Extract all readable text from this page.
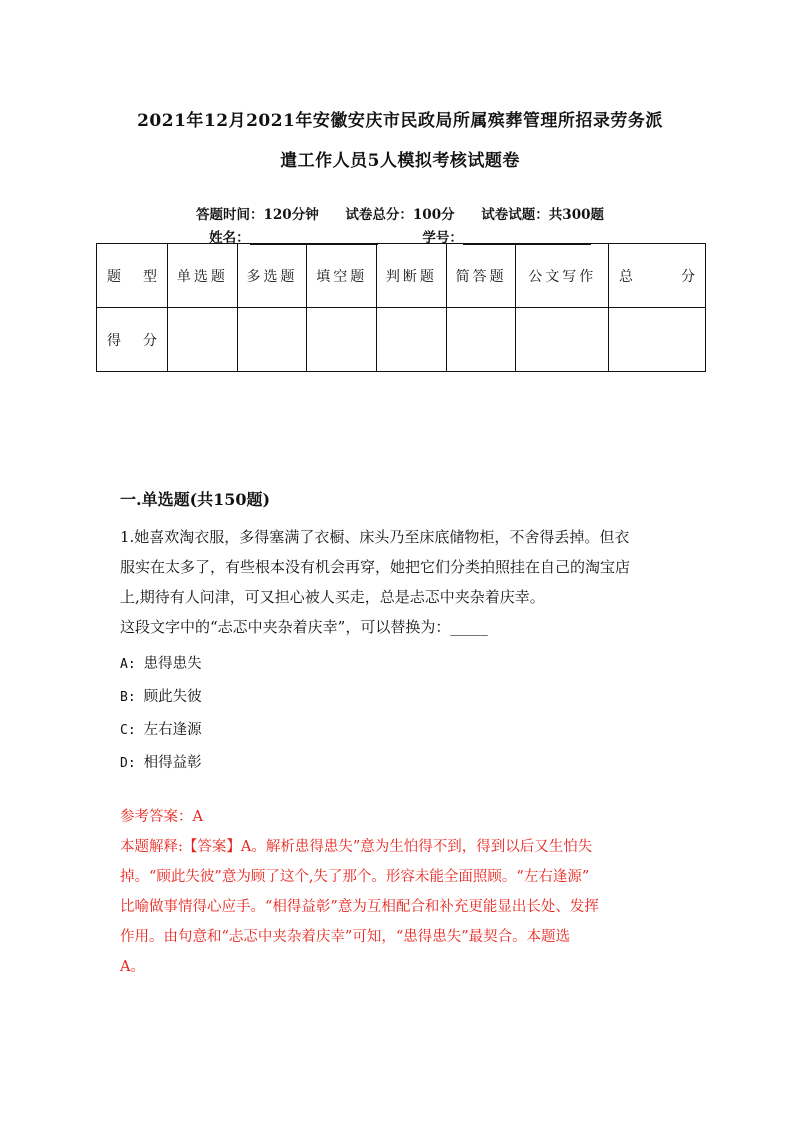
2021年12月2021年安徽安庆市民政局所属殡葬管理所招录劳务派
遣工作人员5人模拟考核试题卷
答题时间：120分钟 试卷总分：100分 试卷试题：共300题
姓名：	学号：
题 型	单选题	多选题	填空题	判断题	简答题	公文写作	总 分

得 分							

一.单选题(共150题)

1.她喜欢淘衣服，多得塞满了衣橱、床头乃至床底储物柜，不舍得丢掉。但衣

服实在太多了，有些根本没有机会再穿，她把它们分类拍照挂在自己的淘宝店

上,期待有人问津，可又担心被人买走，总是忐忑中夹杂着庆幸。

这段文字中的“忐忑中夹杂着庆幸”，可以替换为：_____

A: 患得患失
B: 顾此失彼
C: 左右逢源
D: 相得益彰

参考答案：A

本题解释:【答案】A。解析患得患失”意为生怕得不到，得到以后又生怕失

掉。“顾此失彼”意为顾了这个,失了那个。形容未能全面照顾。“左右逢源”

比喻做事情得心应手。“相得益彰”意为互相配合和补充更能显出长处、发挥

作用。由句意和“忐忑中夹杂着庆幸”可知，“患得患失”最契合。本题选

A。
